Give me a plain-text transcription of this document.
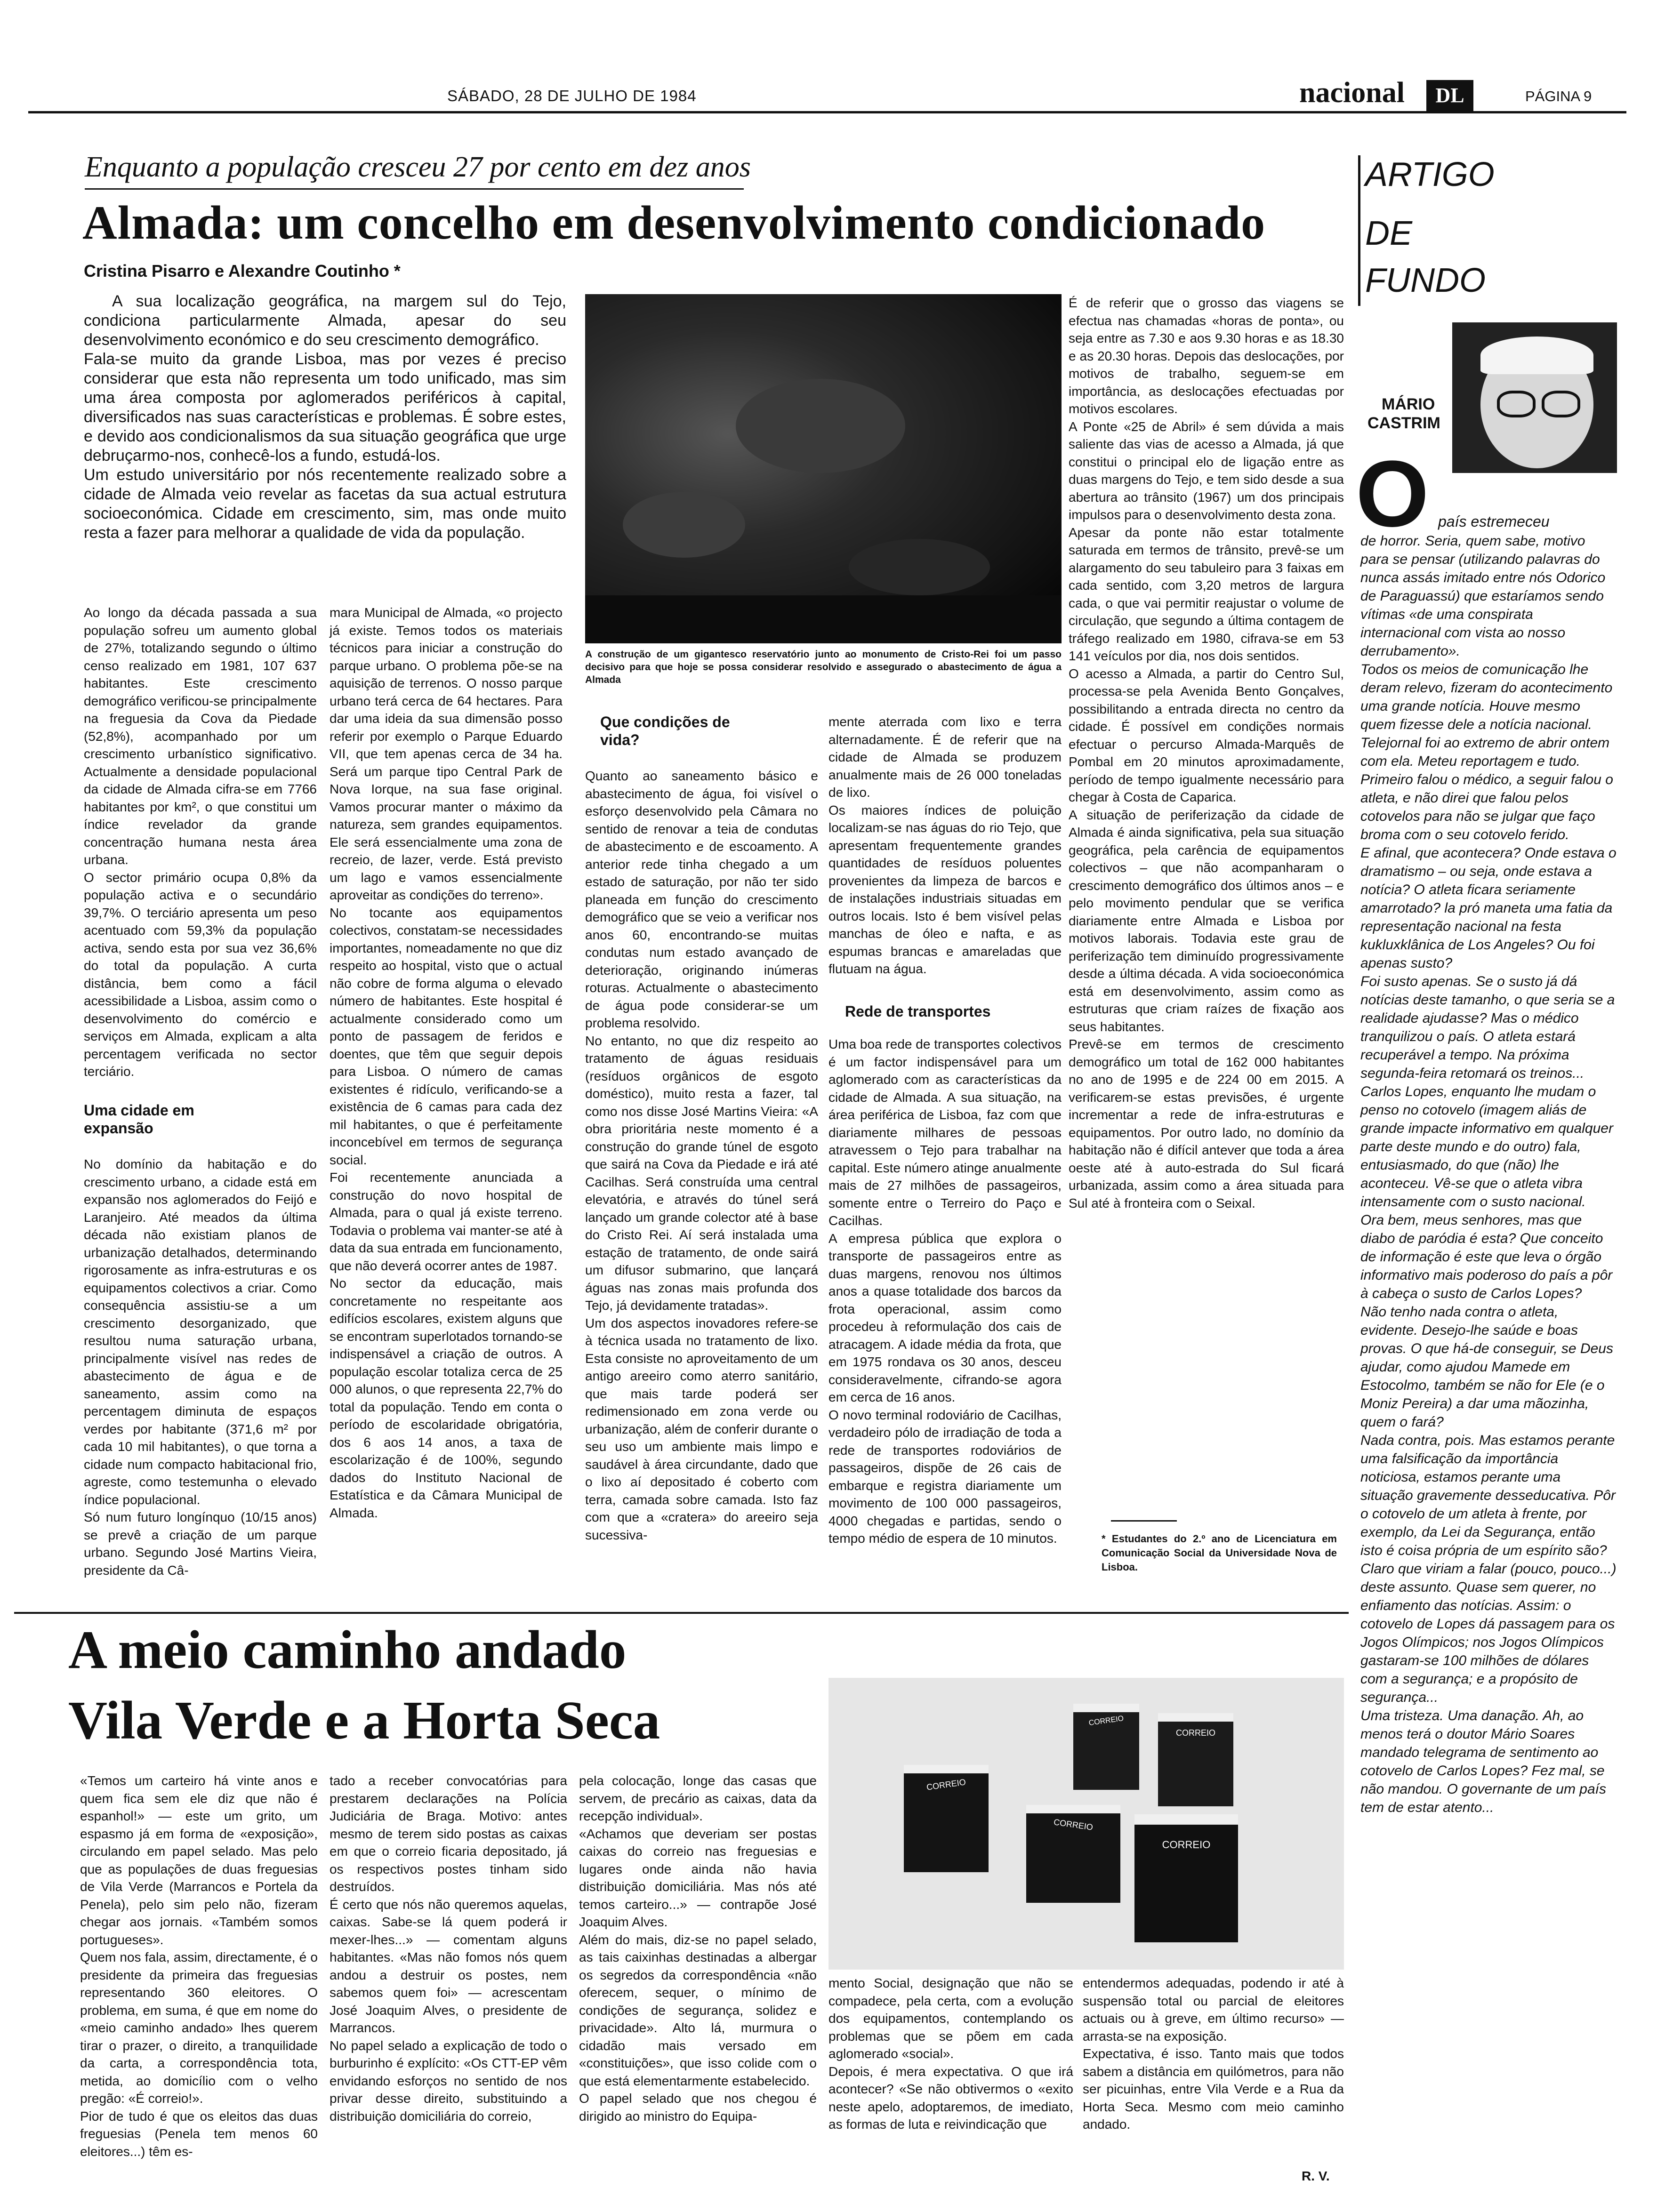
SÁBADO, 28 DE JULHO DE 1984	nacional	DL	PÁGINA 9
Enquanto a população cresceu 27 por cento em dez anos
Almada: um concelho em desenvolvimento condicionado
Cristina Pisarro e Alexandre Coutinho *
A sua localização geográfica, na margem sul do Tejo, condiciona particularmente Almada, apesar do seu desenvolvimento económico e do seu crescimento demográfico.
Fala-se muito da grande Lisboa, mas por vezes é preciso considerar que esta não representa um todo unificado, mas sim uma área composta por aglomerados periféricos à capital, diversificados nas suas características e problemas. É sobre estes, e devido aos condicionalismos da sua situação geográfica que urge debruçarmo-nos, conhecê-los a fundo, estudá-los.
Um estudo universitário por nós recentemente realizado sobre a cidade de Almada veio revelar as facetas da sua actual estrutura socioeconómica. Cidade em crescimento, sim, mas onde muito resta a fazer para melhorar a qualidade de vida da população.
A construção de um gigantesco reservatório junto ao monumento de Cristo-Rei foi um passo decisivo para que hoje se possa considerar resolvido e assegurado o abastecimento de água a Almada
Ao longo da década passada a sua população sofreu um aumento global de 27%, totalizando segundo o último censo realizado em 1981, 107 637 habitantes. Este crescimento demográfico verificou-se principalmente na freguesia da Cova da Piedade (52,8%), acompanhado por um crescimento urbanístico significativo. Actualmente a densidade populacional da cidade de Almada cifra-se em 7766 habitantes por km², o que constitui um índice revelador da grande concentração humana nesta área urbana.
O sector primário ocupa 0,8% da população activa e o secundário 39,7%. O terciário apresenta um peso acentuado com 59,3% da população activa, sendo esta por sua vez 36,6% do total da população. A curta distância, bem como a fácil acessibilidade a Lisboa, assim como o desenvolvimento do comércio e serviços em Almada, explicam a alta percentagem verificada no sector terciário.
Uma cidade em expansão
No domínio da habitação e do crescimento urbano, a cidade está em expansão nos aglomerados do Feijó e Laranjeiro. Até meados da última década não existiam planos de urbanização detalhados, determinando rigorosamente as infra-estruturas e os equipamentos colectivos a criar. Como consequência assistiu-se a um crescimento desorganizado, que resultou numa saturação urbana, principalmente visível nas redes de abastecimento de água e de saneamento, assim como na percentagem diminuta de espaços verdes por habitante (371,6 m² por cada 10 mil habitantes), o que torna a cidade num compacto habitacional frio, agreste, como testemunha o elevado índice populacional.
Só num futuro longínquo (10/15 anos) se prevê a criação de um parque urbano. Segundo José Martins Vieira, presidente da Câ-
mara Municipal de Almada, «o projecto já existe. Temos todos os materiais técnicos para iniciar a construção do parque urbano. O problema põe-se na aquisição de terrenos. O nosso parque urbano terá cerca de 64 hectares. Para dar uma ideia da sua dimensão posso referir por exemplo o Parque Eduardo VII, que tem apenas cerca de 34 ha. Será um parque tipo Central Park de Nova Iorque, na sua fase original. Vamos procurar manter o máximo da natureza, sem grandes equipamentos. Ele será essencialmente uma zona de recreio, de lazer, verde. Está previsto um lago e vamos essencialmente aproveitar as condições do terreno».
No tocante aos equipamentos colectivos, constatam-se necessidades importantes, nomeadamente no que diz respeito ao hospital, visto que o actual não cobre de forma alguma o elevado número de habitantes. Este hospital é actualmente considerado como um ponto de passagem de feridos e doentes, que têm que seguir depois para Lisboa. O número de camas existentes é ridículo, verificando-se a existência de 6 camas para cada dez mil habitantes, o que é perfeitamente inconcebível em termos de segurança social.
Foi recentemente anunciada a construção do novo hospital de Almada, para o qual já existe terreno. Todavia o problema vai manter-se até à data da sua entrada em funcionamento, que não deverá ocorrer antes de 1987.
No sector da educação, mais concretamente no respeitante aos edifícios escolares, existem alguns que se encontram superlotados tornando-se indispensável a criação de outros. A população escolar totaliza cerca de 25 000 alunos, o que representa 22,7% do total da população. Tendo em conta o período de escolaridade obrigatória, dos 6 aos 14 anos, a taxa de escolarização é de 100%, segundo dados do Instituto Nacional de Estatística e da Câmara Municipal de Almada.
Que condições de vida?
Quanto ao saneamento básico e abastecimento de água, foi visível o esforço desenvolvido pela Câmara no sentido de renovar a teia de condutas de abastecimento e de escoamento. A anterior rede tinha chegado a um estado de saturação, por não ter sido planeada em função do crescimento demográfico que se veio a verificar nos anos 60, encontrando-se muitas condutas num estado avançado de deterioração, originando inúmeras roturas. Actualmente o abastecimento de água pode considerar-se um problema resolvido.
No entanto, no que diz respeito ao tratamento de águas residuais (resíduos orgânicos de esgoto doméstico), muito resta a fazer, tal como nos disse José Martins Vieira: «A obra prioritária neste momento é a construção do grande túnel de esgoto que sairá na Cova da Piedade e irá até Cacilhas. Será construída uma central elevatória, e através do túnel será lançado um grande colector até à base do Cristo Rei. Aí será instalada uma estação de tratamento, de onde sairá um difusor submarino, que lançará águas nas zonas mais profunda dos Tejo, já devidamente tratadas».
Um dos aspectos inovadores refere-se à técnica usada no tratamento de lixo. Esta consiste no aproveitamento de um antigo areeiro como aterro sanitário, que mais tarde poderá ser redimensionado em zona verde ou urbanização, além de conferir durante o seu uso um ambiente mais limpo e saudável à área circundante, dado que o lixo aí depositado é coberto com terra, camada sobre camada. Isto faz com que a «cratera» do areeiro seja sucessiva-
mente aterrada com lixo e terra alternadamente. É de referir que na cidade de Almada se produzem anualmente mais de 26 000 toneladas de lixo.
Os maiores índices de poluição localizam-se nas águas do rio Tejo, que apresentam frequentemente grandes quantidades de resíduos poluentes provenientes da limpeza de barcos e de instalações industriais situadas em outros locais. Isto é bem visível pelas manchas de óleo e nafta, e as espumas brancas e amareladas que flutuam na água.
Rede de transportes
Uma boa rede de transportes colectivos é um factor indispensável para um aglomerado com as características da cidade de Almada. A sua situação, na área periférica de Lisboa, faz com que diariamente milhares de pessoas atravessem o Tejo para trabalhar na capital. Este número atinge anualmente mais de 27 milhões de passageiros, somente entre o Terreiro do Paço e Cacilhas.
A empresa pública que explora o transporte de passageiros entre as duas margens, renovou nos últimos anos a quase totalidade dos barcos da frota operacional, assim como procedeu à reformulação dos cais de atracagem. A idade média da frota, que em 1975 rondava os 30 anos, desceu consideravelmente, cifrando-se agora em cerca de 16 anos.
O novo terminal rodoviário de Cacilhas, verdadeiro pólo de irradiação de toda a rede de transportes rodoviários de passageiros, dispõe de 26 cais de embarque e registra diariamente um movimento de 100 000 passageiros, 4000 chegadas e partidas, sendo o tempo médio de espera de 10 minutos.
É de referir que o grosso das viagens se efectua nas chamadas «horas de ponta», ou seja entre as 7.30 e aos 9.30 horas e as 18.30 e as 20.30 horas. Depois das deslocações, por motivos de trabalho, seguem-se em importância, as deslocações efectuadas por motivos escolares.
A Ponte «25 de Abril» é sem dúvida a mais saliente das vias de acesso a Almada, já que constitui o principal elo de ligação entre as duas margens do Tejo, e tem sido desde a sua abertura ao trânsito (1967) um dos principais impulsos para o desenvolvimento desta zona.
Apesar da ponte não estar totalmente saturada em termos de trânsito, prevê-se um alargamento do seu tabuleiro para 3 faixas em cada sentido, com 3,20 metros de largura cada, o que vai permitir reajustar o volume de circulação, que segundo a última contagem de tráfego realizado em 1980, cifrava-se em 53 141 veículos por dia, nos dois sentidos.
O acesso a Almada, a partir do Centro Sul, processa-se pela Avenida Bento Gonçalves, possibilitando a entrada directa no centro da cidade. É possível em condições normais efectuar o percurso Almada-Marquês de Pombal em 20 minutos aproximadamente, período de tempo igualmente necessário para chegar à Costa de Caparica.
A situação de periferização da cidade de Almada é ainda significativa, pela sua situação geográfica, pela carência de equipamentos colectivos – que não acompanharam o crescimento demográfico dos últimos anos – e pelo movimento pendular que se verifica diariamente entre Almada e Lisboa por motivos laborais. Todavia este grau de periferização tem diminuído progressivamente desde a última década. A vida socioeconómica está em desenvolvimento, assim como as estruturas que criam raízes de fixação aos seus habitantes.
Prevê-se em termos de crescimento demográfico um total de 162 000 habitantes no ano de 1995 e de 224 00 em 2015. A verificarem-se estas previsões, é urgente incrementar a rede de infra-estruturas e equipamentos. Por outro lado, no domínio da habitação não é difícil antever que toda a área oeste até à auto-estrada do Sul ficará urbanizada, assim como a área situada para Sul até à fronteira com o Seixal.
* Estudantes do 2.º ano de Licenciatura em Comunicação Social da Universidade Nova de Lisboa.
ARTIGO
DE
FUNDO
MÁRIO
CASTRIM
O país estremeceu
de horror. Seria, quem sabe, motivo para se pensar (utilizando palavras do nunca assás imitado entre nós Odorico de Paraguassú) que estaríamos sendo vítimas «de uma conspirata internacional com vista ao nosso derrubamento».
Todos os meios de comunicação lhe deram relevo, fizeram do acontecimento uma grande notícia. Houve mesmo quem fizesse dele a notícia nacional. Telejornal foi ao extremo de abrir ontem com ela. Meteu reportagem e tudo. Primeiro falou o médico, a seguir falou o atleta, e não direi que falou pelos cotovelos para não se julgar que faço broma com o seu cotovelo ferido.
E afinal, que acontecera? Onde estava o dramatismo – ou seja, onde estava a notícia? O atleta ficara seriamente amarrotado? la pró maneta uma fatia da representação nacional na festa kukluxklânica de Los Angeles? Ou foi apenas susto?
Foi susto apenas. Se o susto já dá notícias deste tamanho, o que seria se a realidade ajudasse? Mas o médico tranquilizou o país. O atleta estará recuperável a tempo. Na próxima segunda-feira retomará os treinos...
Carlos Lopes, enquanto lhe mudam o penso no cotovelo (imagem aliás de grande impacte informativo em qualquer parte deste mundo e do outro) fala, entusiasmado, do que (não) lhe aconteceu. Vê-se que o atleta vibra intensamente com o susto nacional.
Ora bem, meus senhores, mas que diabo de paródia é esta? Que conceito de informação é este que leva o órgão informativo mais poderoso do país a pôr à cabeça o susto de Carlos Lopes?
Não tenho nada contra o atleta, evidente. Desejo-lhe saúde e boas provas. O que há-de conseguir, se Deus ajudar, como ajudou Mamede em Estocolmo, também se não for Ele (e o Moniz Pereira) a dar uma mãozinha, quem o fará?
Nada contra, pois. Mas estamos perante uma falsificação da importância noticiosa, estamos perante uma situação gravemente desseducativa. Pôr o cotovelo de um atleta à frente, por exemplo, da Lei da Segurança, então isto é coisa própria de um espírito são? Claro que viriam a falar (pouco, pouco...) deste assunto. Quase sem querer, no enfiamento das notícias. Assim: o cotovelo de Lopes dá passagem para os Jogos Olímpicos; nos Jogos Olímpicos gastaram-se 100 milhões de dólares com a segurança; e a propósito de segurança...
Uma tristeza. Uma danação. Ah, ao menos terá o doutor Mário Soares mandado telegrama de sentimento ao cotovelo de Carlos Lopes? Fez mal, se não mandou. O governante de um país tem de estar atento...
A meio caminho andado
Vila Verde e a Horta Seca	CORREIO
CORREIO
CORREIO
CORREIO
CORREIO
«Temos um carteiro há vinte anos e quem fica sem ele diz que não é espanhol!» — este um grito, um espasmo já em forma de «exposição», circulando em papel selado. Mas pelo que as populações de duas freguesias de Vila Verde (Marrancos e Portela da Penela), pelo sim pelo não, fizeram chegar aos jornais. «Também somos portugueses».
Quem nos fala, assim, directamente, é o presidente da primeira das freguesias representando 360 eleitores. O problema, em suma, é que em nome do «meio caminho andado» lhes querem tirar o prazer, o direito, a tranquilidade da carta, a correspondência tota, metida, ao domicílio com o velho pregão: «É correio!».
Pior de tudo é que os eleitos das duas freguesias (Penela tem menos 60 eleitores...) têm es-
tado a receber convocatórias para prestarem declarações na Polícia Judiciária de Braga. Motivo: antes mesmo de terem sido postas as caixas em que o correio ficaria depositado, já os respectivos postes tinham sido destruídos.
É certo que nós não queremos aquelas, caixas. Sabe-se lá quem poderá ir mexer-lhes...» — comentam alguns habitantes. «Mas não fomos nós quem andou a destruir os postes, nem sabemos quem foi» — acrescentam José Joaquim Alves, o presidente de Marrancos.
No papel selado a explicação de todo o burburinho é explícito: «Os CTT-EP vêm envidando esforços no sentido de nos privar desse direito, substituindo a distribuição domiciliária do correio,
pela colocação, longe das casas que servem, de precário as caixas, data da recepção individual».
«Achamos que deveriam ser postas caixas do correio nas freguesias e lugares onde ainda não havia distribuição domiciliária. Mas nós até temos carteiro...» — contrapõe José Joaquim Alves.
Além do mais, diz-se no papel selado, as tais caixinhas destinadas a albergar os segredos da correspondência «não oferecem, sequer, o mínimo de condições de segurança, solidez e privacidade». Alto lá, murmura o cidadão mais versado em «constituições», que isso colide com o que está elementarmente estabelecido.
O papel selado que nos chegou é dirigido ao ministro do Equipa-
mento Social, designação que não se compadece, pela certa, com a evolução dos equipamentos, contemplando os problemas que se põem em cada aglomerado «social».
Depois, é mera expectativa. O que irá acontecer? «Se não obtivermos o «exito neste apelo, adoptaremos, de imediato, as formas de luta e reivindicação que
entendermos adequadas, podendo ir até à suspensão total ou parcial de eleitores actuais ou à greve, em último recurso» — arrasta-se na exposição.
Expectativa, é isso. Tanto mais que todos sabem a distância em quilómetros, para não ser picuinhas, entre Vila Verde e a Rua da Horta Seca. Mesmo com meio caminho andado.
R. V.
